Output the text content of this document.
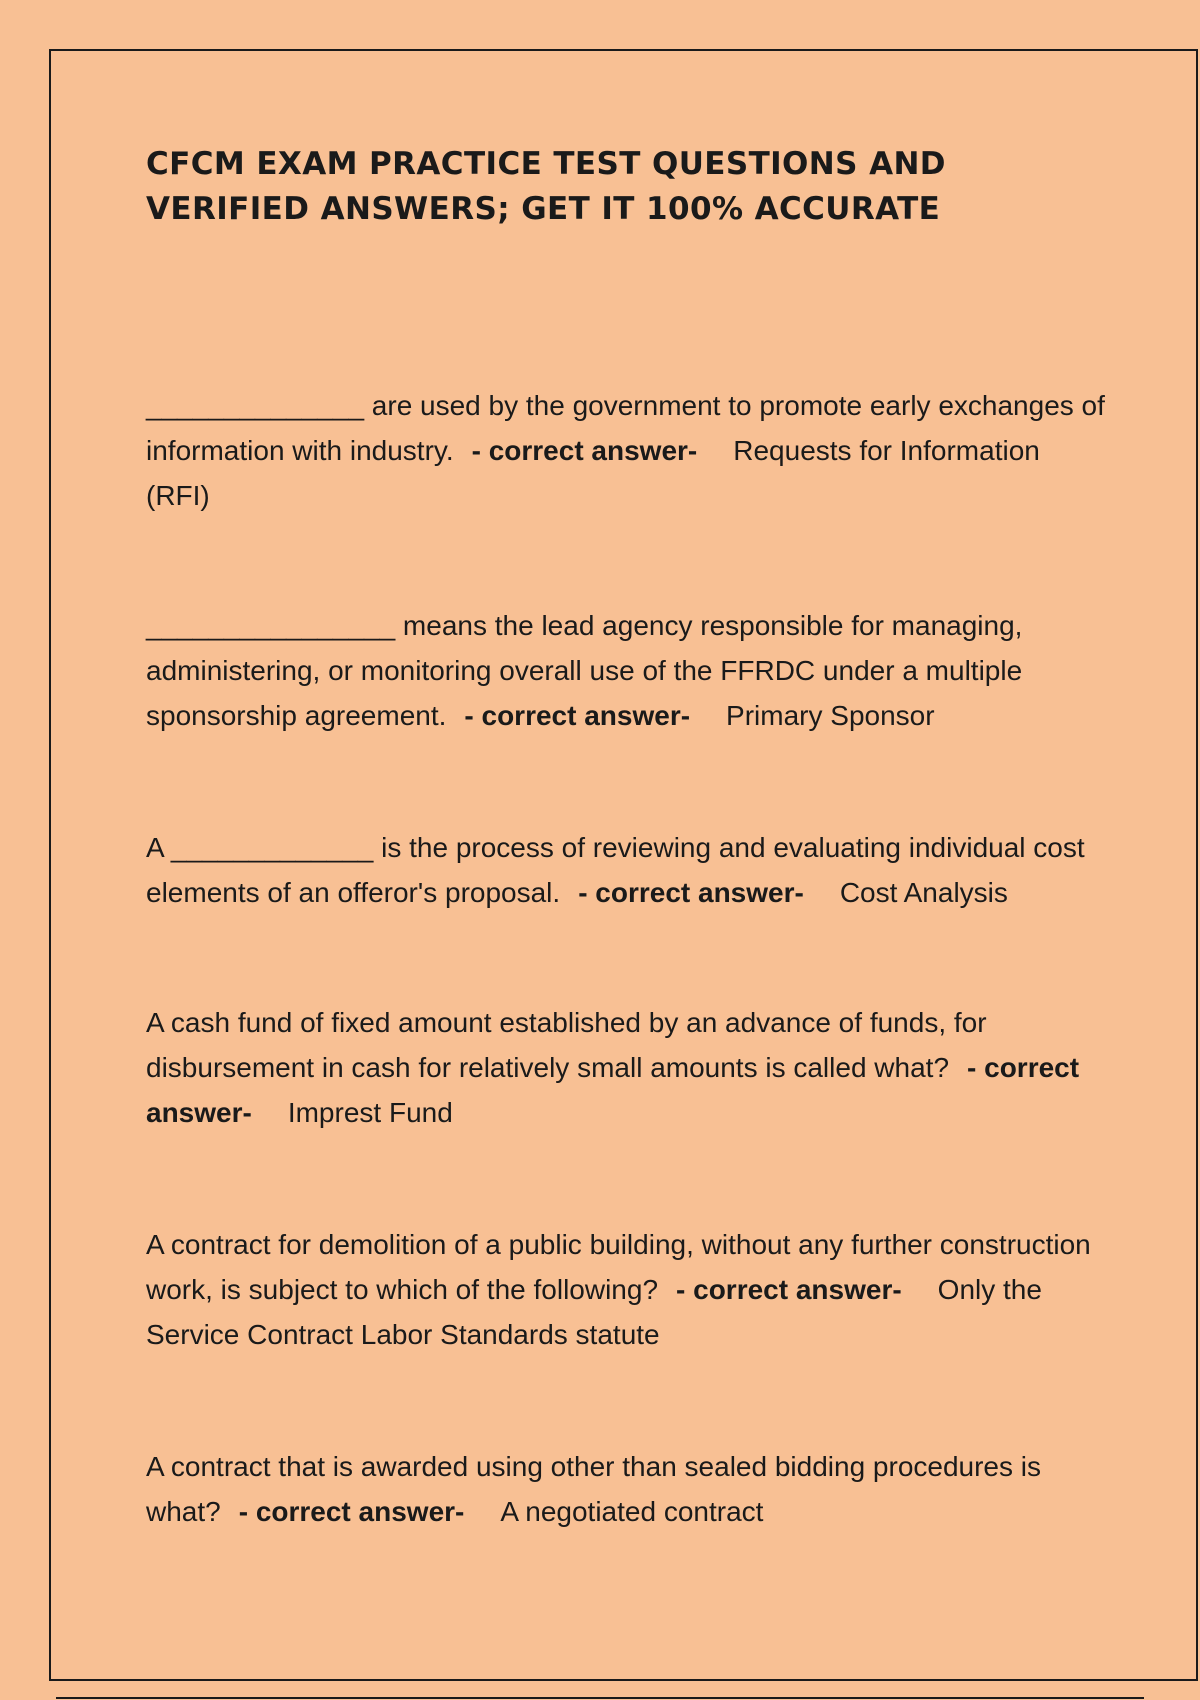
CFCM EXAM PRACTICE TEST QUESTIONS AND
VERIFIED ANSWERS; GET IT 100% ACCURATE

______________ are used by the government to promote early exchanges of information with industry. - correct answer- Requests for Information (RFI)

________________ means the lead agency responsible for managing, administering, or monitoring overall use of the FFRDC under a multiple sponsorship agreement. - correct answer- Primary Sponsor

A _____________ is the process of reviewing and evaluating individual cost elements of an offeror's proposal. - correct answer- Cost Analysis

A cash fund of fixed amount established by an advance of funds, for disbursement in cash for relatively small amounts is called what? - correct answer- Imprest Fund

A contract for demolition of a public building, without any further construction work, is subject to which of the following? - correct answer- Only the Service Contract Labor Standards statute

A contract that is awarded using other than sealed bidding procedures is what? - correct answer- A negotiated contract
